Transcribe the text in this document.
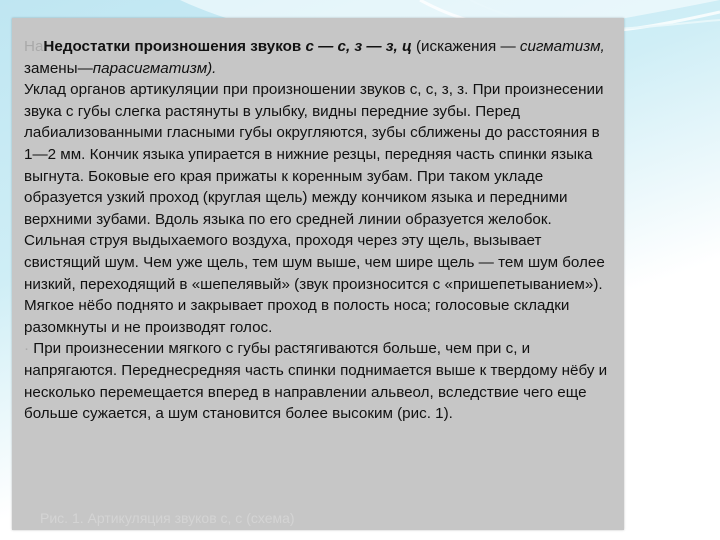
НаНедостатки произношения звуков с — с, з — з, ц (искажения — сигматизм, замены—парасигматизм).

Уклад органов артикуляции при произношении звуков с, с, з, з. При произнесении звука с губы слегка растянуты в улыбку, видны передние зубы. Перед лабиализованными гласными губы округляются, зубы сближены до расстояния в 1—2 мм. Кончик языка упирается в нижние резцы, передняя часть спинки языка выгнута. Боковые его края прижаты к коренным зубам. При таком укладе образуется узкий проход (круглая щель) между кончиком языка и передними верхними зубами. Вдоль языка по его средней линии образуется желобок. Сильная струя выдыхаемого воздуха, проходя через эту щель, вызывает свистящий шум. Чем уже щель, тем шум выше, чем шире щель — тем шум более низкий, переходящий в «шепелявый» (звук произносится с «пришепетыванием»). Мягкое нёбо поднято и закрывает проход в полость носа; голосовые складки разомкнуты и не производят голос.

· При произнесении мягкого с губы растягиваются больше, чем при с, и напрягаются. Переднесредняя часть спинки поднимается выше к твердому нёбу и несколько перемещается вперед в направлении альвеол, вследствие чего еще больше сужается, а шум становится более высоким (рис. 1).

Рис. 1. Артикуляция звуков с, с (схема)
